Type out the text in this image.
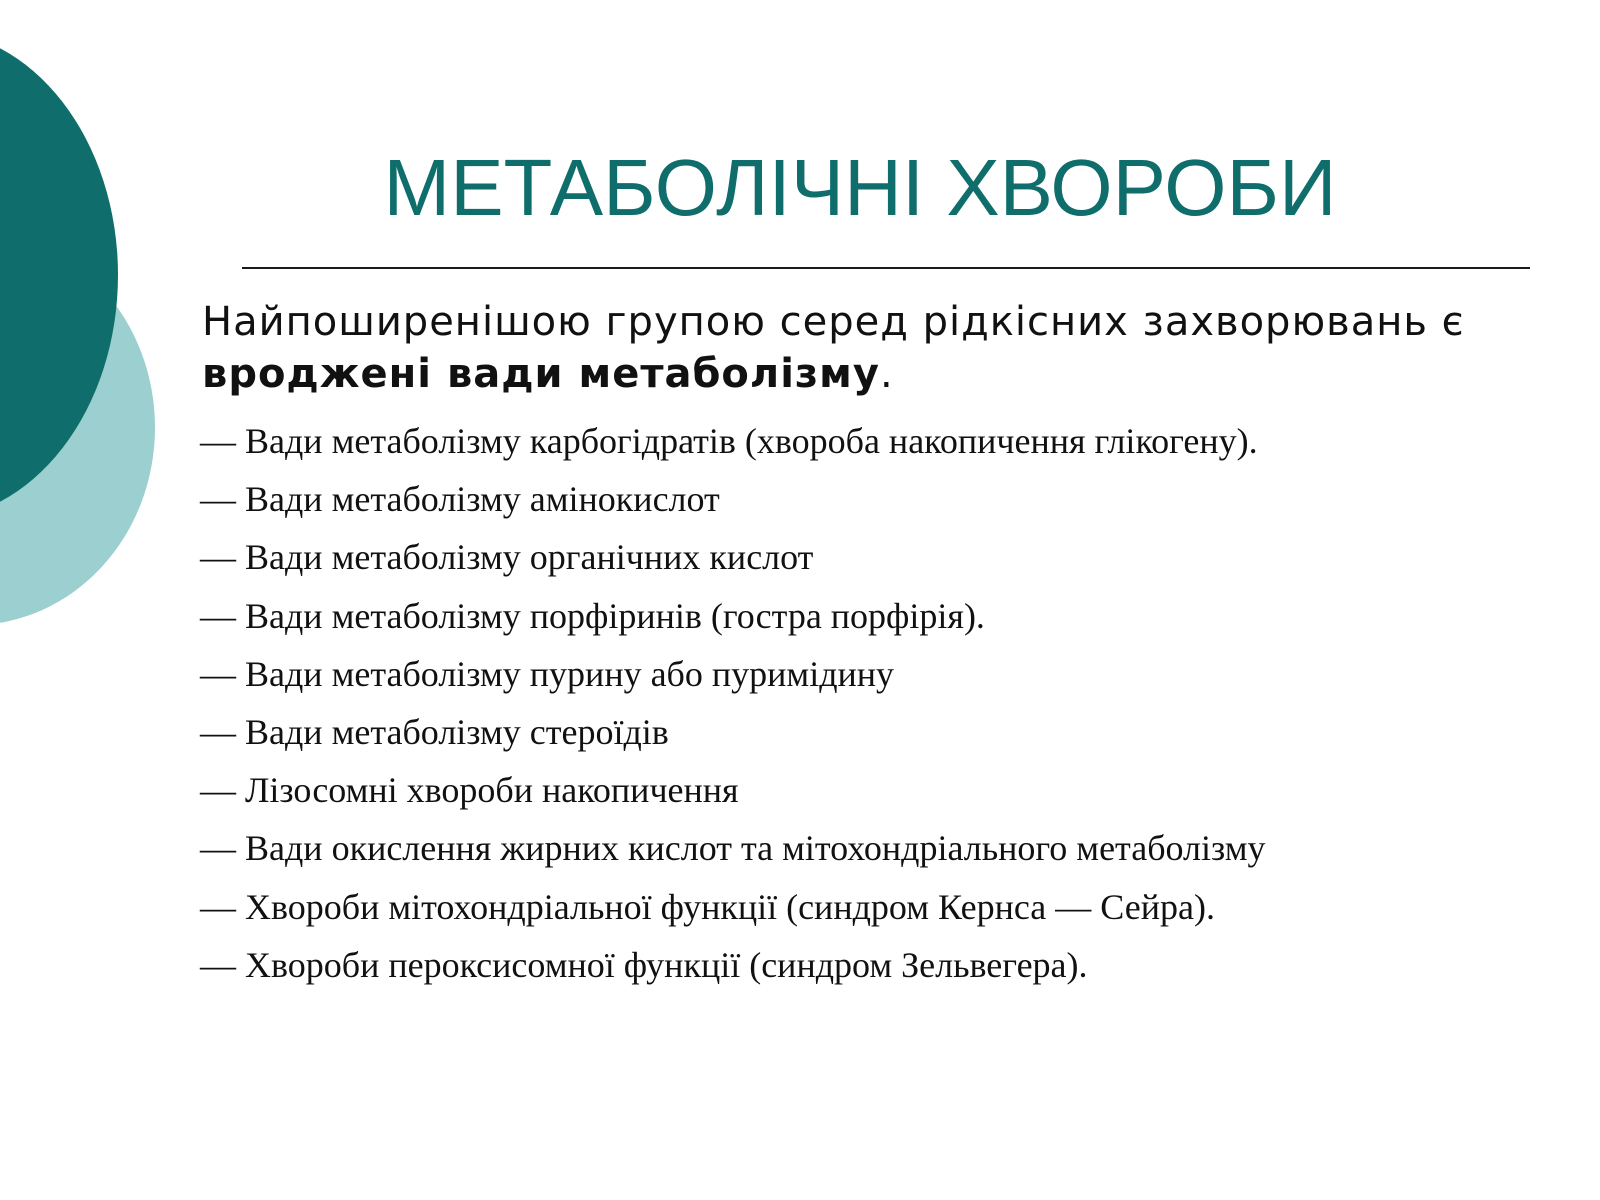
МЕТАБОЛІЧНІ ХВОРОБИ

Найпоширенішою групою серед рідкісних захворювань є вроджені вади метаболізму.

— Вади метаболізму карбогідратів (хвороба накопичення глікогену).
— Вади метаболізму амінокислот
— Вади метаболізму органічних кислот
— Вади метаболізму порфіринів (гостра порфірія).
— Вади метаболізму пурину або пуримідину
— Вади метаболізму стероїдів
— Лізосомні хвороби накопичення
— Вади окислення жирних кислот та мітохондріального метаболізму
— Хвороби мітохондріальної функції (синдром Кернса — Сейра).
— Хвороби пероксисомної функції (синдром Зельвегера).
